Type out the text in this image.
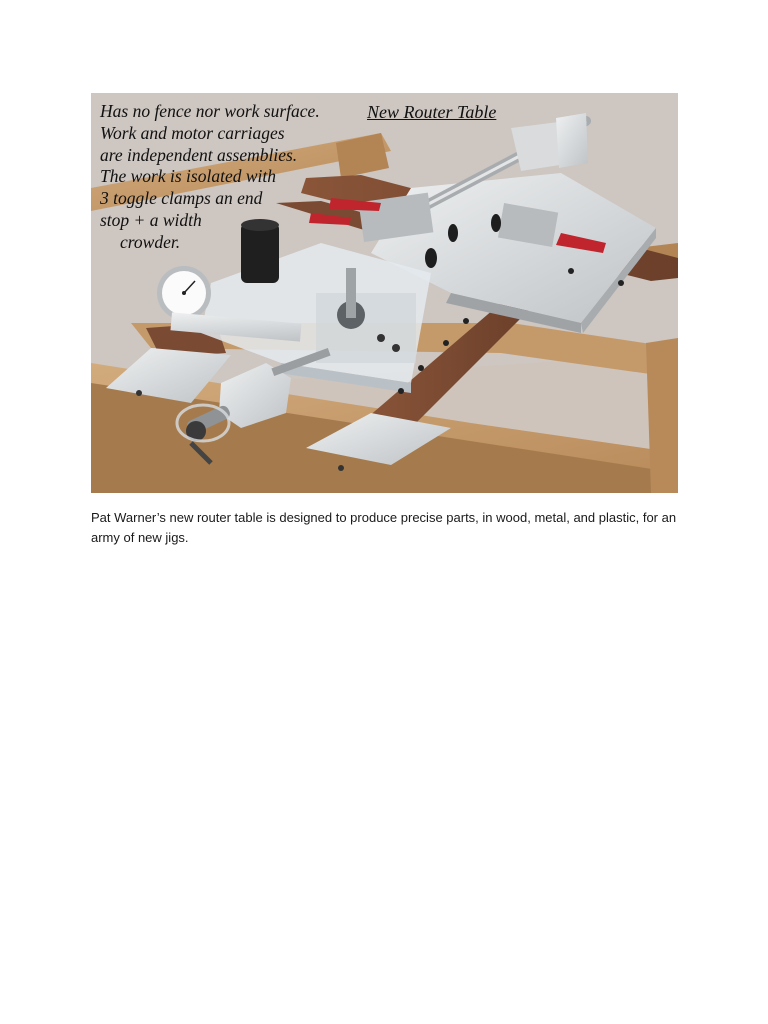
Has no fence nor work surface.
Work and motor carriages
are independent assemblies.
The work is isolated with
3 toggle clamps an end
stop + a width
crowder.
New Router Table
Pat Warner’s new router table is designed to produce precise parts, in wood, metal, and plastic, for an
army of new jigs.
